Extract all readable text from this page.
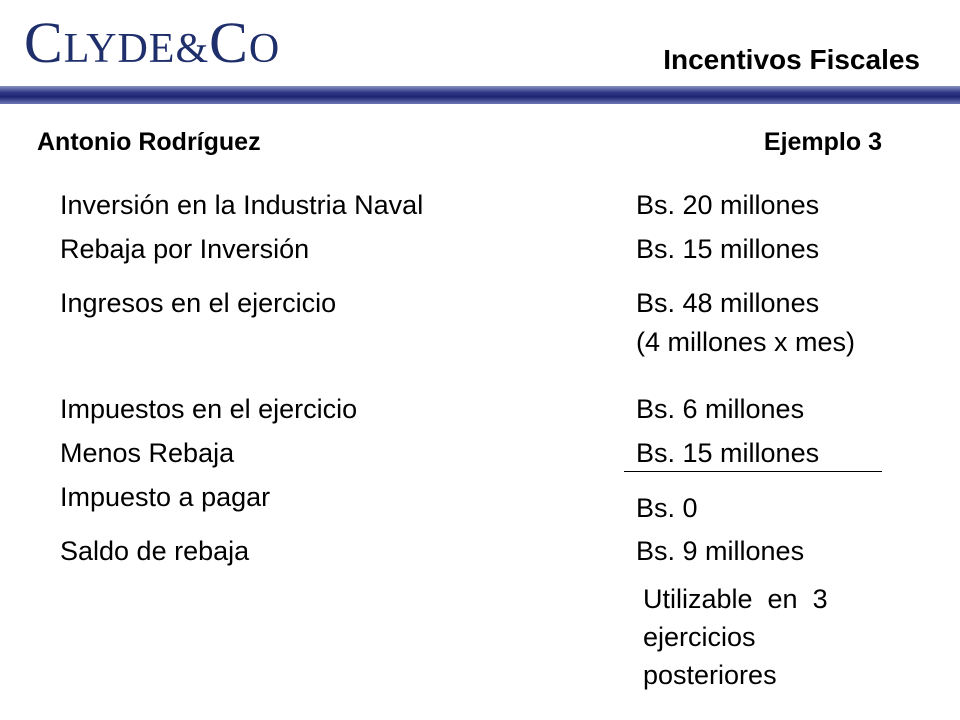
CLYDE&CO	Incentivos Fiscales
Antonio Rodríguez	Ejemplo 3
Inversión en la Industria Naval	Bs. 20 millones
Rebaja por Inversión	Bs. 15 millones
Ingresos en el ejercicio	Bs. 48 millones
(4 millones x mes)
Impuestos en el ejercicio	Bs. 6 millones
Menos Rebaja	Bs. 15 millones
Impuesto a pagar	Bs. 0
Saldo de rebaja	Bs. 9 millones
Utilizable  en  3
ejercicios
posteriores
